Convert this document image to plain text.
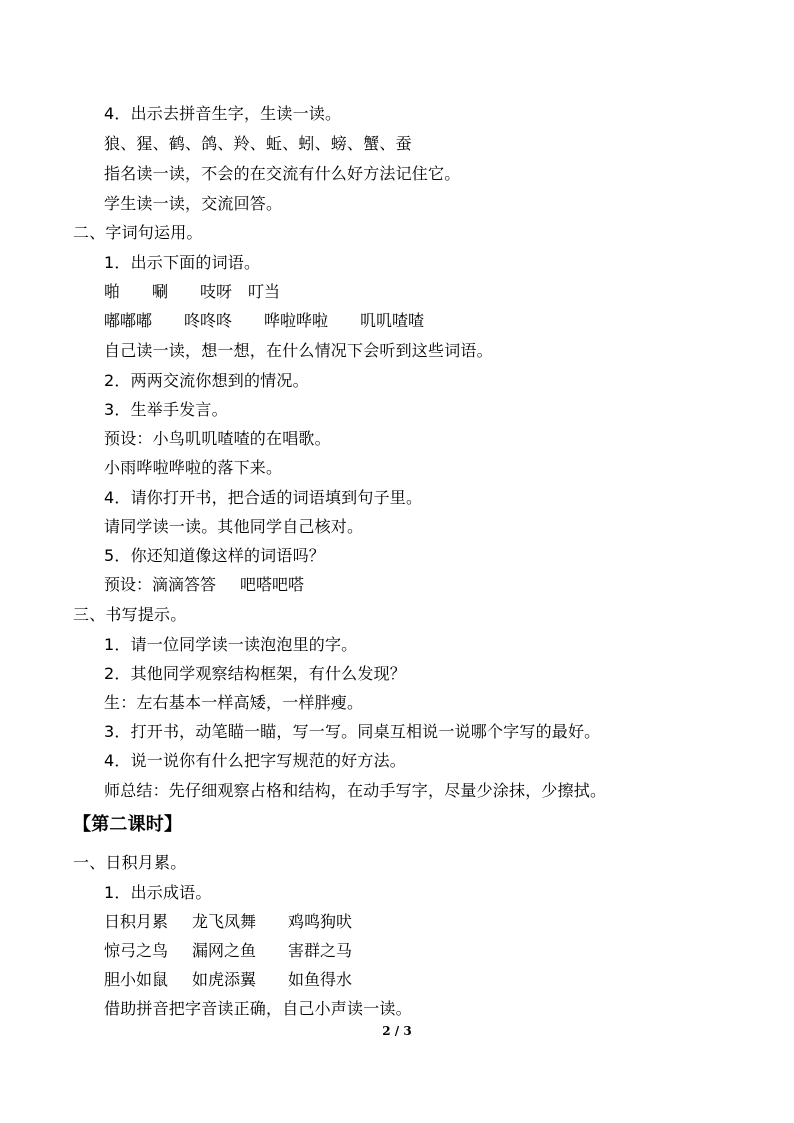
4．出示去拼音生字，生读一读。
狼、猩、鹤、鸽、羚、蚯、蚓、螃、蟹、蚕
指名读一读，不会的在交流有什么好方法记住它。
学生读一读，交流回答。
二、字词句运用。
1．出示下面的词语。
啪 唰 吱呀 叮当
嘟嘟嘟 咚咚咚 哗啦哗啦 叽叽喳喳
自己读一读，想一想，在什么情况下会听到这些词语。
2．两两交流你想到的情况。
3．生举手发言。
预设：小鸟叽叽喳喳的在唱歌。
小雨哗啦哗啦的落下来。
4．请你打开书，把合适的词语填到句子里。
请同学读一读。其他同学自己核对。
5．你还知道像这样的词语吗？
预设：滴滴答答 吧嗒吧嗒
三、书写提示。
1．请一位同学读一读泡泡里的字。
2．其他同学观察结构框架，有什么发现？
生：左右基本一样高矮，一样胖瘦。
3．打开书，动笔瞄一瞄，写一写。同桌互相说一说哪个字写的最好。
4．说一说你有什么把字写规范的好方法。
师总结：先仔细观察占格和结构，在动手写字，尽量少涂抹，少擦拭。
【第二课时】
一、日积月累。
1．出示成语。
日积月累 龙飞凤舞 鸡鸣狗吠
惊弓之鸟 漏网之鱼 害群之马
胆小如鼠 如虎添翼 如鱼得水
借助拼音把字音读正确，自己小声读一读。
2 / 3
